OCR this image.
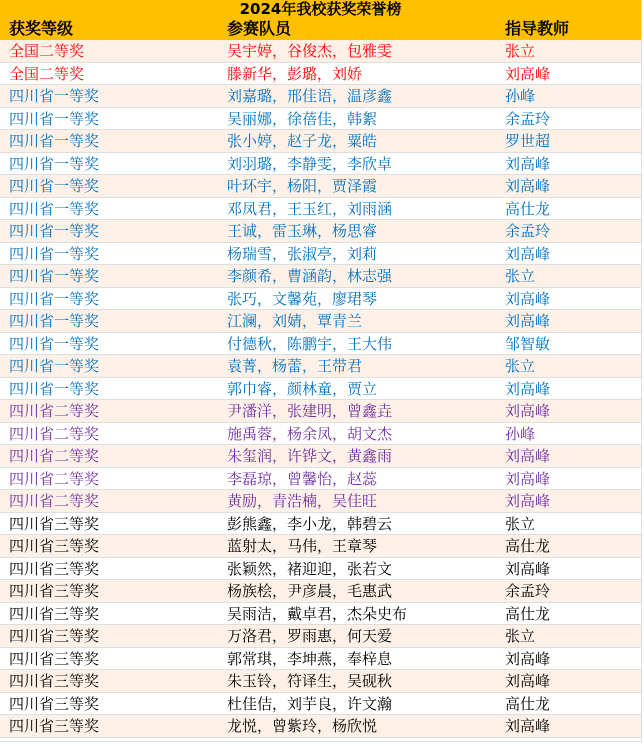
2024年我校获奖荣誉榜
获奖等级	参赛队员	指导教师
全国二等奖	吴宇婷，谷俊杰，包雅雯	张立
全国二等奖	滕新华，彭璐，刘娇	刘高峰
四川省一等奖	刘嘉璐，邢佳语，温彦鑫	孙峰
四川省一等奖	吴丽娜，徐蓓佳，韩絮	余孟玲
四川省一等奖	张小婷，赵子龙，粟皓	罗世超
四川省一等奖	刘羽璐，李静雯，李欣卓	刘高峰
四川省一等奖	叶环宇，杨阳，贾泽霞	刘高峰
四川省一等奖	邓凤君，王玉红，刘雨涵	高仕龙
四川省一等奖	王诚，雷玉琳，杨思睿	余孟玲
四川省一等奖	杨瑞雪，张淑亭，刘莉	刘高峰
四川省一等奖	李颜希，曹涵韵，林志强	张立
四川省一等奖	张巧，文馨苑，廖珺琴	刘高峰
四川省一等奖	江澜，刘婧，覃青兰	刘高峰
四川省一等奖	付德秋，陈鹏宇，王大伟	邹智敏
四川省一等奖	袁菁，杨蕾，王带君	张立
四川省一等奖	郭巾睿，颜林童，贾立	刘高峰
四川省二等奖	尹潘洋，张建明，曾鑫垚	刘高峰
四川省二等奖	施禹蓉，杨余凤，胡文杰	孙峰
四川省二等奖	朱玺润，许铧文，黄鑫雨	刘高峰
四川省二等奖	李磊琼，曾馨怡，赵蕊	刘高峰
四川省二等奖	黄励，青浩楠，吴佳旺	刘高峰
四川省三等奖	彭熊鑫，李小龙，韩碧云	张立
四川省三等奖	蓝射太，马伟，王章琴	高仕龙
四川省三等奖	张颖然，褚迎迎，张若文	刘高峰
四川省三等奖	杨族桧，尹彦晨，毛惠武	余孟玲
四川省三等奖	吴雨洁，戴卓君，杰朵史布	高仕龙
四川省三等奖	万洛君，罗雨惠，何天爱	张立
四川省三等奖	郭常琪，李坤燕，奉梓息	刘高峰
四川省三等奖	朱玉铃，符译生，吴砚秋	刘高峰
四川省三等奖	杜佳佶，刘芋良，许文瀚	高仕龙
四川省三等奖	龙悦，曾紫玲，杨欣悦	刘高峰
